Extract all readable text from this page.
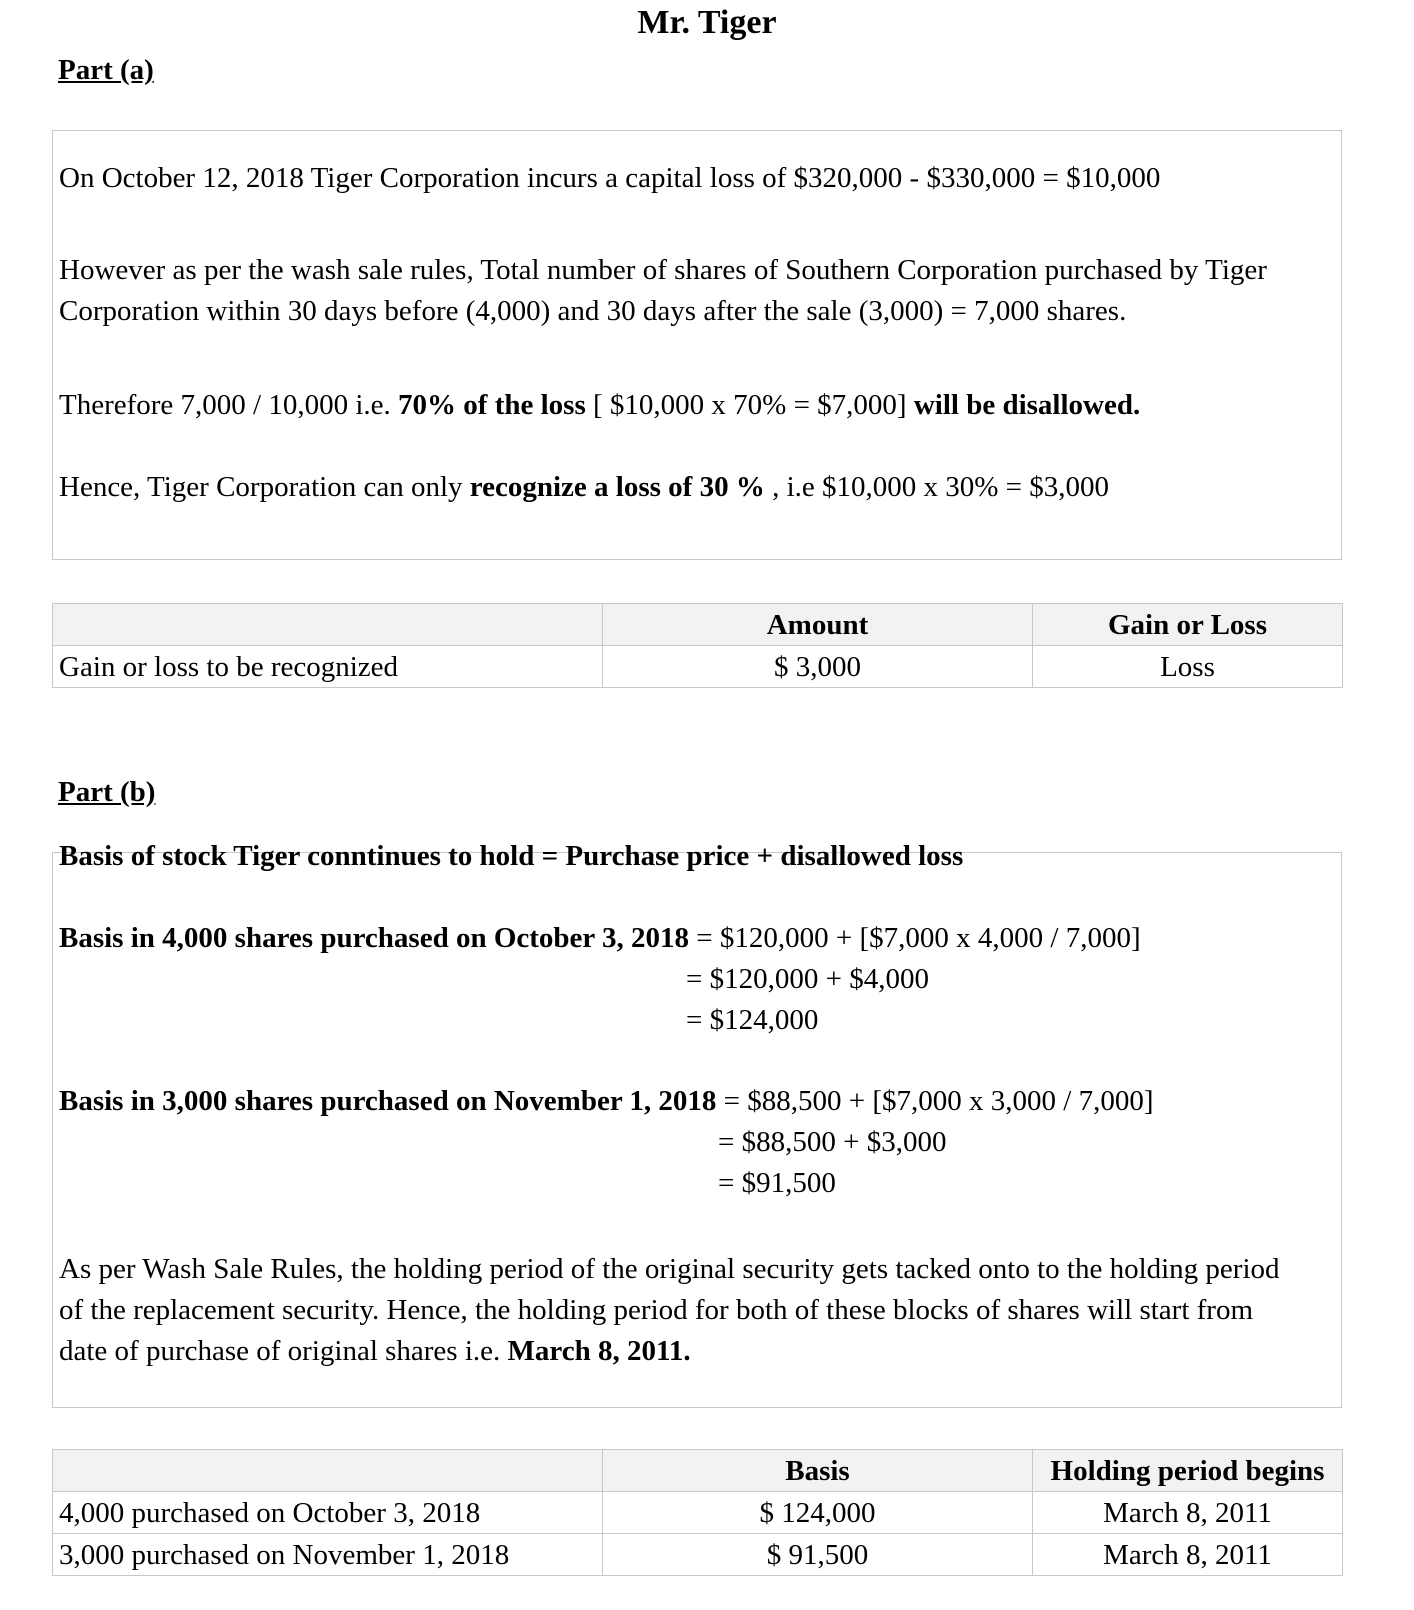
Mr. Tiger
Part (a)
On October 12, 2018 Tiger Corporation incurs a capital loss of $320,000 - $330,000 = $10,000
However as per the wash sale rules, Total number of shares of Southern Corporation purchased by Tiger
Corporation within 30 days before (4,000) and 30 days after the sale (3,000) = 7,000 shares.
Therefore 7,000 / 10,000 i.e. 70% of the loss [ $10,000 x 70% = $7,000] will be disallowed.
Hence, Tiger Corporation can only recognize a loss of 30 % , i.e $10,000 x 30% = $3,000
	Amount	Gain or Loss
Gain or loss to be recognized	$ 3,000	Loss
Part (b)
Basis of stock Tiger conntinues to hold = Purchase price + disallowed loss
Basis in 4,000 shares purchased on October 3, 2018 = $120,000 + [$7,000 x 4,000 / 7,000]
= $120,000 + $4,000
= $124,000
Basis in 3,000 shares purchased on November 1, 2018 = $88,500 + [$7,000 x 3,000 / 7,000]
= $88,500 + $3,000
= $91,500
As per Wash Sale Rules, the holding period of the original security gets tacked onto to the holding period
of the replacement security. Hence, the holding period for both of these blocks of shares will start from
date of purchase of original shares i.e. March 8, 2011.
	Basis	Holding period begins
4,000 purchased on October 3, 2018	$ 124,000	March 8, 2011
3,000 purchased on November 1, 2018	$ 91,500	March 8, 2011
